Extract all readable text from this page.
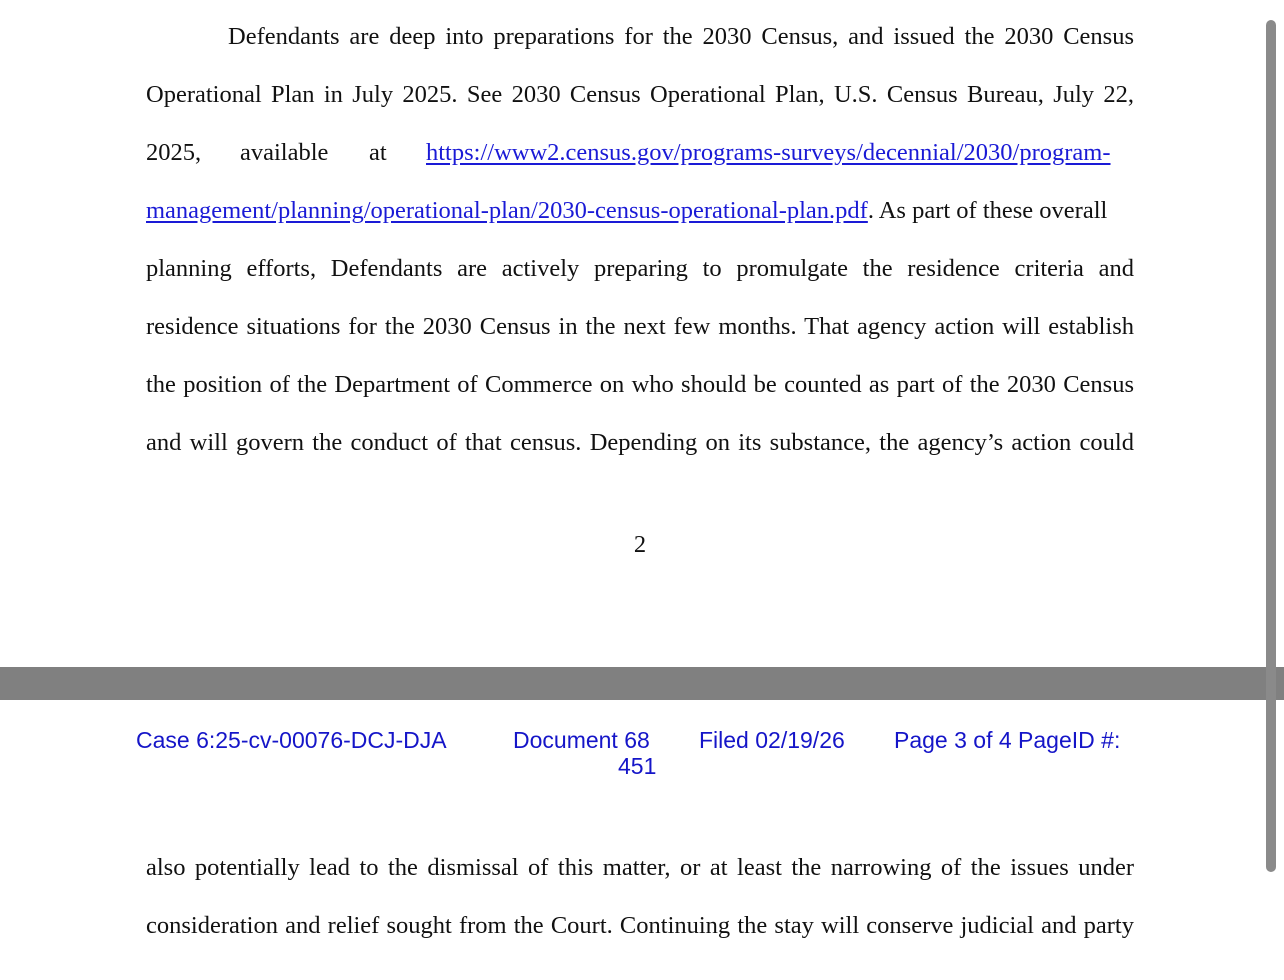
Defendants are deep into preparations for the 2030 Census, and issued the 2030 Census
Operational Plan in July 2025. See 2030 Census Operational Plan, U.S. Census Bureau, July 22,
2025, available at https://www2.census.gov/programs-surveys/decennial/2030/program-
management/planning/operational-plan/2030-census-operational-plan.pdf. As part of these overall
planning efforts, Defendants are actively preparing to promulgate the residence criteria and
residence situations for the 2030 Census in the next few months. That agency action will establish
the position of the Department of Commerce on who should be counted as part of the 2030 Census
and will govern the conduct of that census. Depending on its substance, the agency’s action could
2
Case 6:25-cv-00076-DCJ-DJA	Document 68 Filed 02/19/26 Page 3 of 4 PageID #:
451
also potentially lead to the dismissal of this matter, or at least the narrowing of the issues under
consideration and relief sought from the Court. Continuing the stay will conserve judicial and party
